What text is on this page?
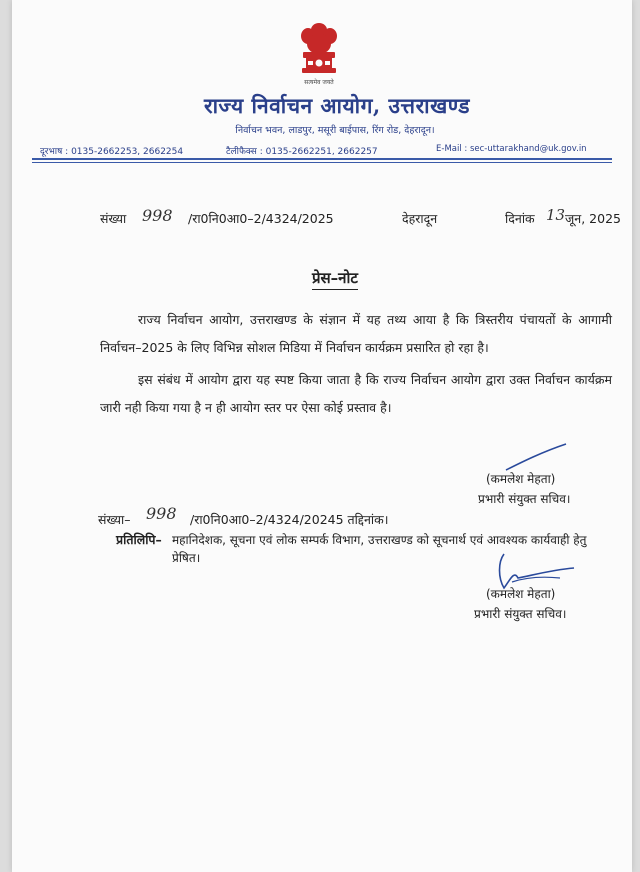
सत्यमेव जयते
राज्य निर्वाचन आयोग, उत्तराखण्ड
निर्वाचन भवन, लाडपुर, मसूरी बाईपास, रिंग रोड, देहरादून।
दूरभाष : 0135-2662253, 2662254	टैलीफैक्स : 0135-2662251, 2662257	E-Mail : sec-uttarakhand@uk.gov.in
संख्या 998 /रा0नि0आ0–2/4324/2025	देहरादून	दिनांक 13 जून, 2025
प्रेस–नोट
राज्य निर्वाचन आयोग, उत्तराखण्ड के संज्ञान में यह तथ्य आया है कि त्रिस्तरीय पंचायतों के आगामी निर्वाचन–2025 के लिए विभिन्न सोशल मिडिया में निर्वाचन कार्यक्रम प्रसारित हो रहा है।
इस संबंध में आयोग द्वारा यह स्पष्ट किया जाता है कि राज्य निर्वाचन आयोग द्वारा उक्त निर्वाचन कार्यक्रम जारी नही किया गया है न ही आयोग स्तर पर ऐसा कोई प्रस्ताव है।
(कमलेश मेहता)
प्रभारी संयुक्त सचिव।
संख्या– 998 /रा0नि0आ0–2/4324/20245 तद्दिनांक।
प्रतिलिपि– महानिदेशक, सूचना एवं लोक सम्पर्क विभाग, उत्तराखण्ड को सूचनार्थ एवं आवश्यक कार्यवाही हेतु प्रेषित।
(कमलेश मेहता)
प्रभारी संयुक्त सचिव।
